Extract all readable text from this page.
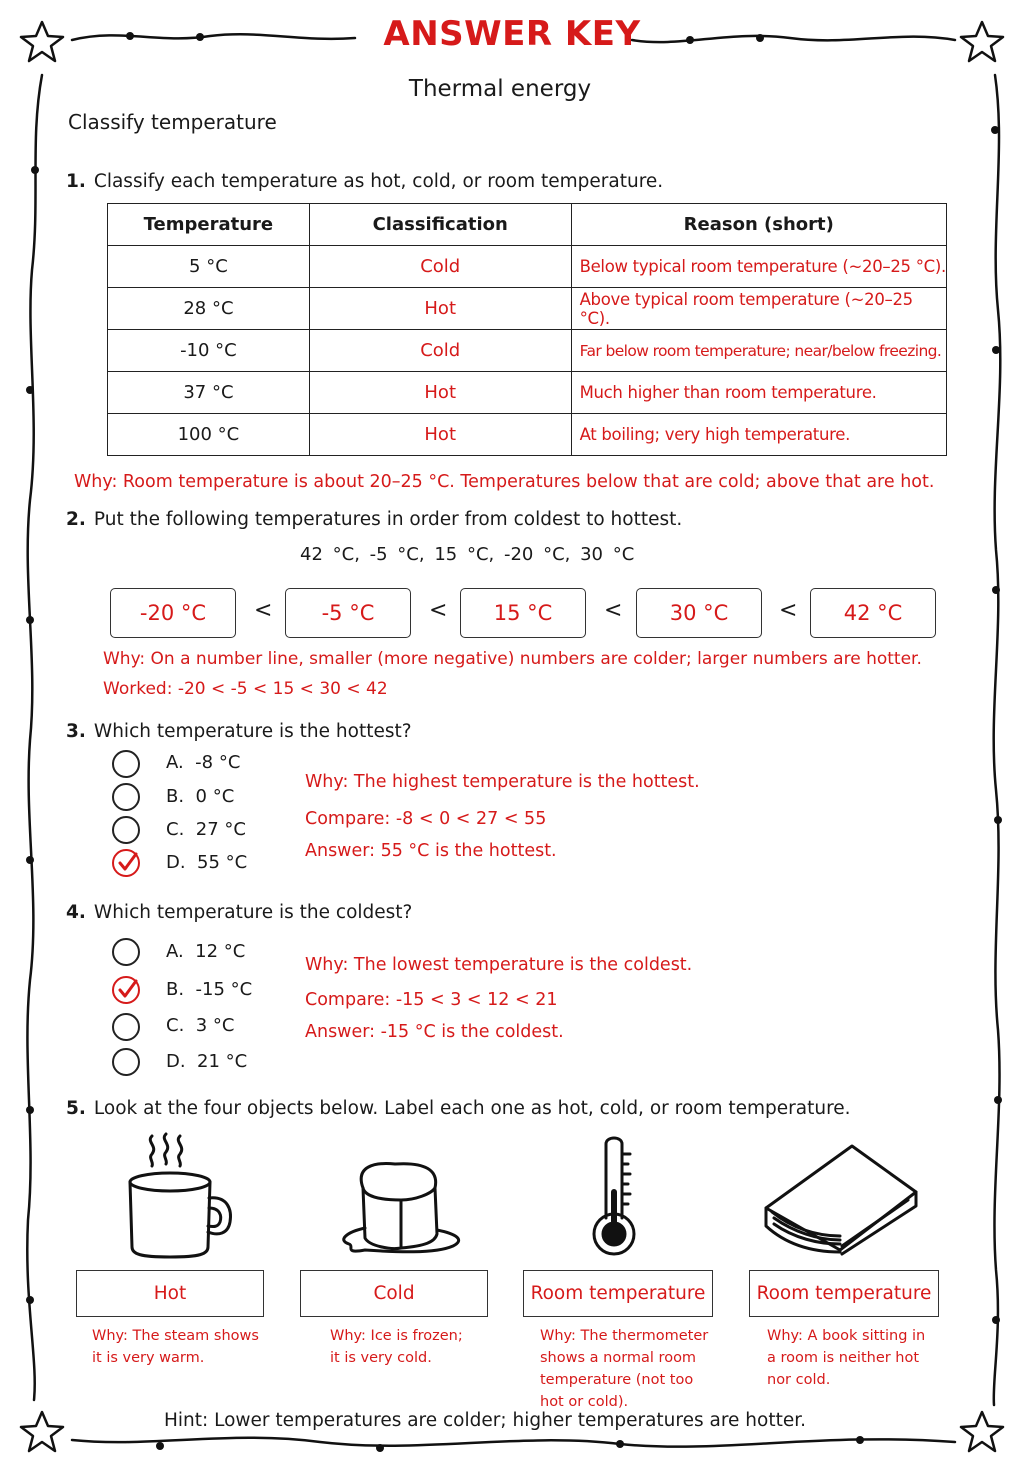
ANSWER KEY
Thermal energy
Classify temperature
1. Classify each temperature as hot, cold, or room temperature.
Temperature	Classification	Reason (short)
5 °C	Cold	Below typical room temperature (~20–25 °C).
28 °C	Hot	Above typical room temperature (~20–25 °C).
-10 °C	Cold	Far below room temperature; near/below freezing.
37 °C	Hot	Much higher than room temperature.
100 °C	Hot	At boiling; very high temperature.
Why: Room temperature is about 20–25 °C. Temperatures below that are cold; above that are hot.
2. Put the following temperatures in order from coldest to hottest.
42 °C, -5 °C, 15 °C, -20 °C, 30 °C
-20 °C	<	-5 °C	<	15 °C	<	30 °C	<	42 °C
Why: On a number line, smaller (more negative) numbers are colder; larger numbers are hotter.
Worked: -20 < -5 < 15 < 30 < 42
3. Which temperature is the hottest?
A. -8 °C
B. 0 °C
C. 27 °C
D. 55 °C
Why: The highest temperature is the hottest.
Compare: -8 < 0 < 27 < 55
Answer: 55 °C is the hottest.
4. Which temperature is the coldest?
A. 12 °C
B. -15 °C
C. 3 °C
D. 21 °C
Why: The lowest temperature is the coldest.
Compare: -15 < 3 < 12 < 21
Answer: -15 °C is the coldest.
5. Look at the four objects below. Label each one as hot, cold, or room temperature.
Hot	Cold	Room temperature	Room temperature
Why: The steam shows
it is very warm.
Why: Ice is frozen;
it is very cold.
Why: The thermometer
shows a normal room
temperature (not too
hot or cold).
Why: A book sitting in
a room is neither hot
nor cold.
Hint: Lower temperatures are colder; higher temperatures are hotter.
